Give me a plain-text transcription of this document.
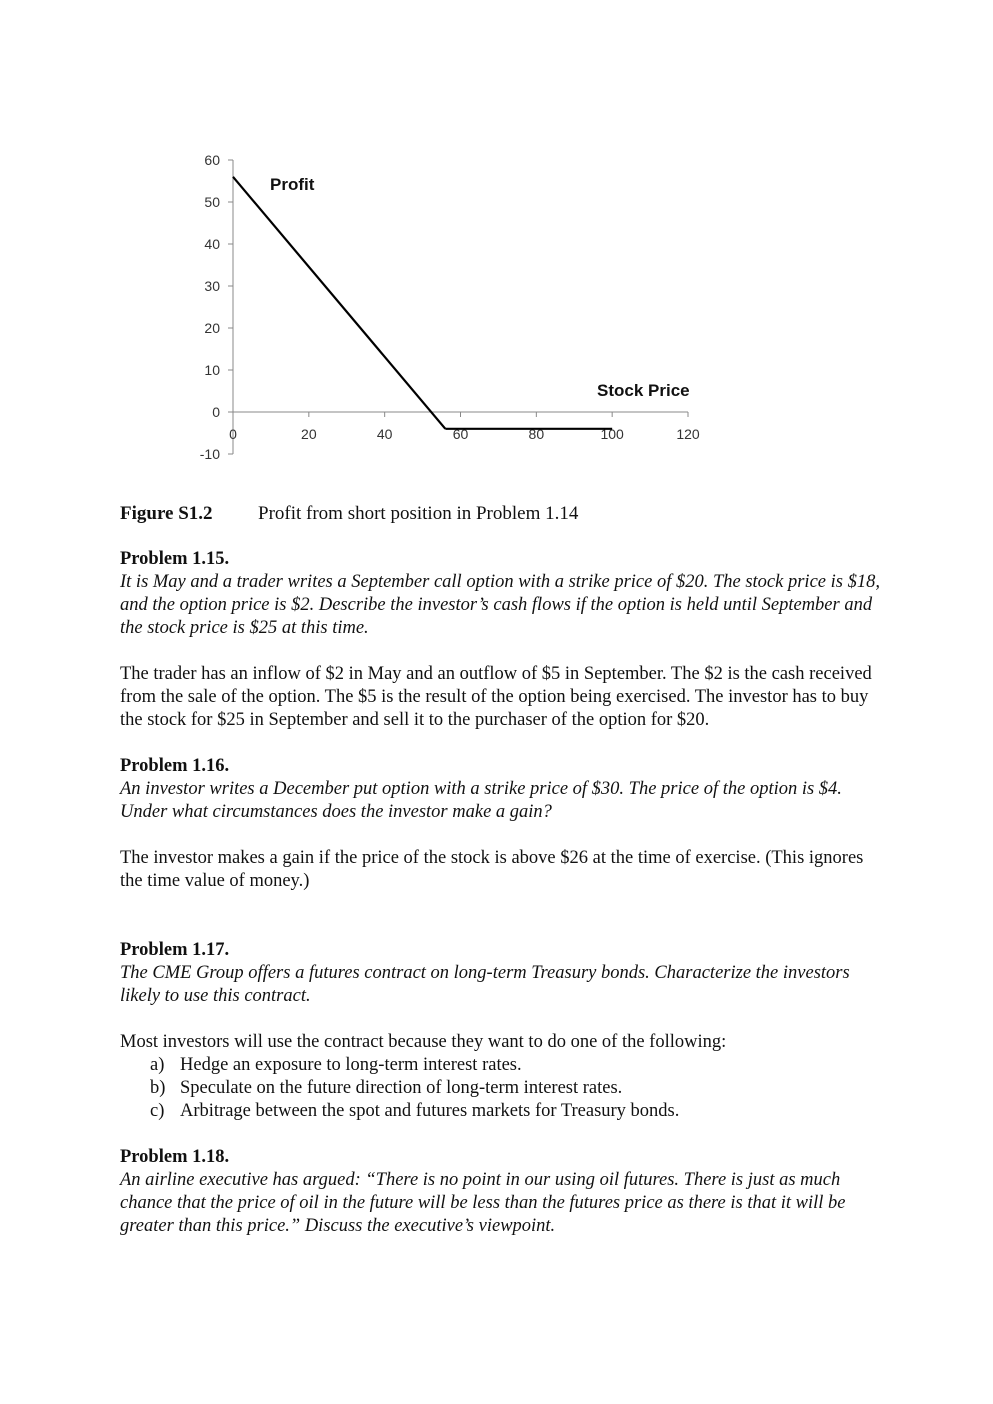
-10
0
10
20
30
40
50
60
0	20	40	60	80	100	120
Profit
Stock Price
Figure S1.2 Profit from short position in Problem 1.14
Problem 1.15.

It is May and a trader writes a September call option with a strike price of $20. The stock price is $18, and the option price is $2. Describe the investor’s cash flows if the option is held until September and the stock price is $25 at this time.

The trader has an inflow of $2 in May and an outflow of $5 in September. The $2 is the cash received from the sale of the option. The $5 is the result of the option being exercised. The investor has to buy the stock for $25 in September and sell it to the purchaser of the option for $20.

Problem 1.16.

An investor writes a December put option with a strike price of $30. The price of the option is $4. Under what circumstances does the investor make a gain?

The investor makes a gain if the price of the stock is above $26 at the time of exercise. (This ignores the time value of money.)

Problem 1.17.

The CME Group offers a futures contract on long-term Treasury bonds. Characterize the investors likely to use this contract.

Most investors will use the contract because they want to do one of the following:

a) Hedge an exposure to long-term interest rates.
b) Speculate on the future direction of long-term interest rates.
c) Arbitrage between the spot and futures markets for Treasury bonds.
Problem 1.18.

An airline executive has argued: “There is no point in our using oil futures. There is just as much chance that the price of oil in the future will be less than the futures price as there is that it will be greater than this price.” Discuss the executive’s viewpoint.
